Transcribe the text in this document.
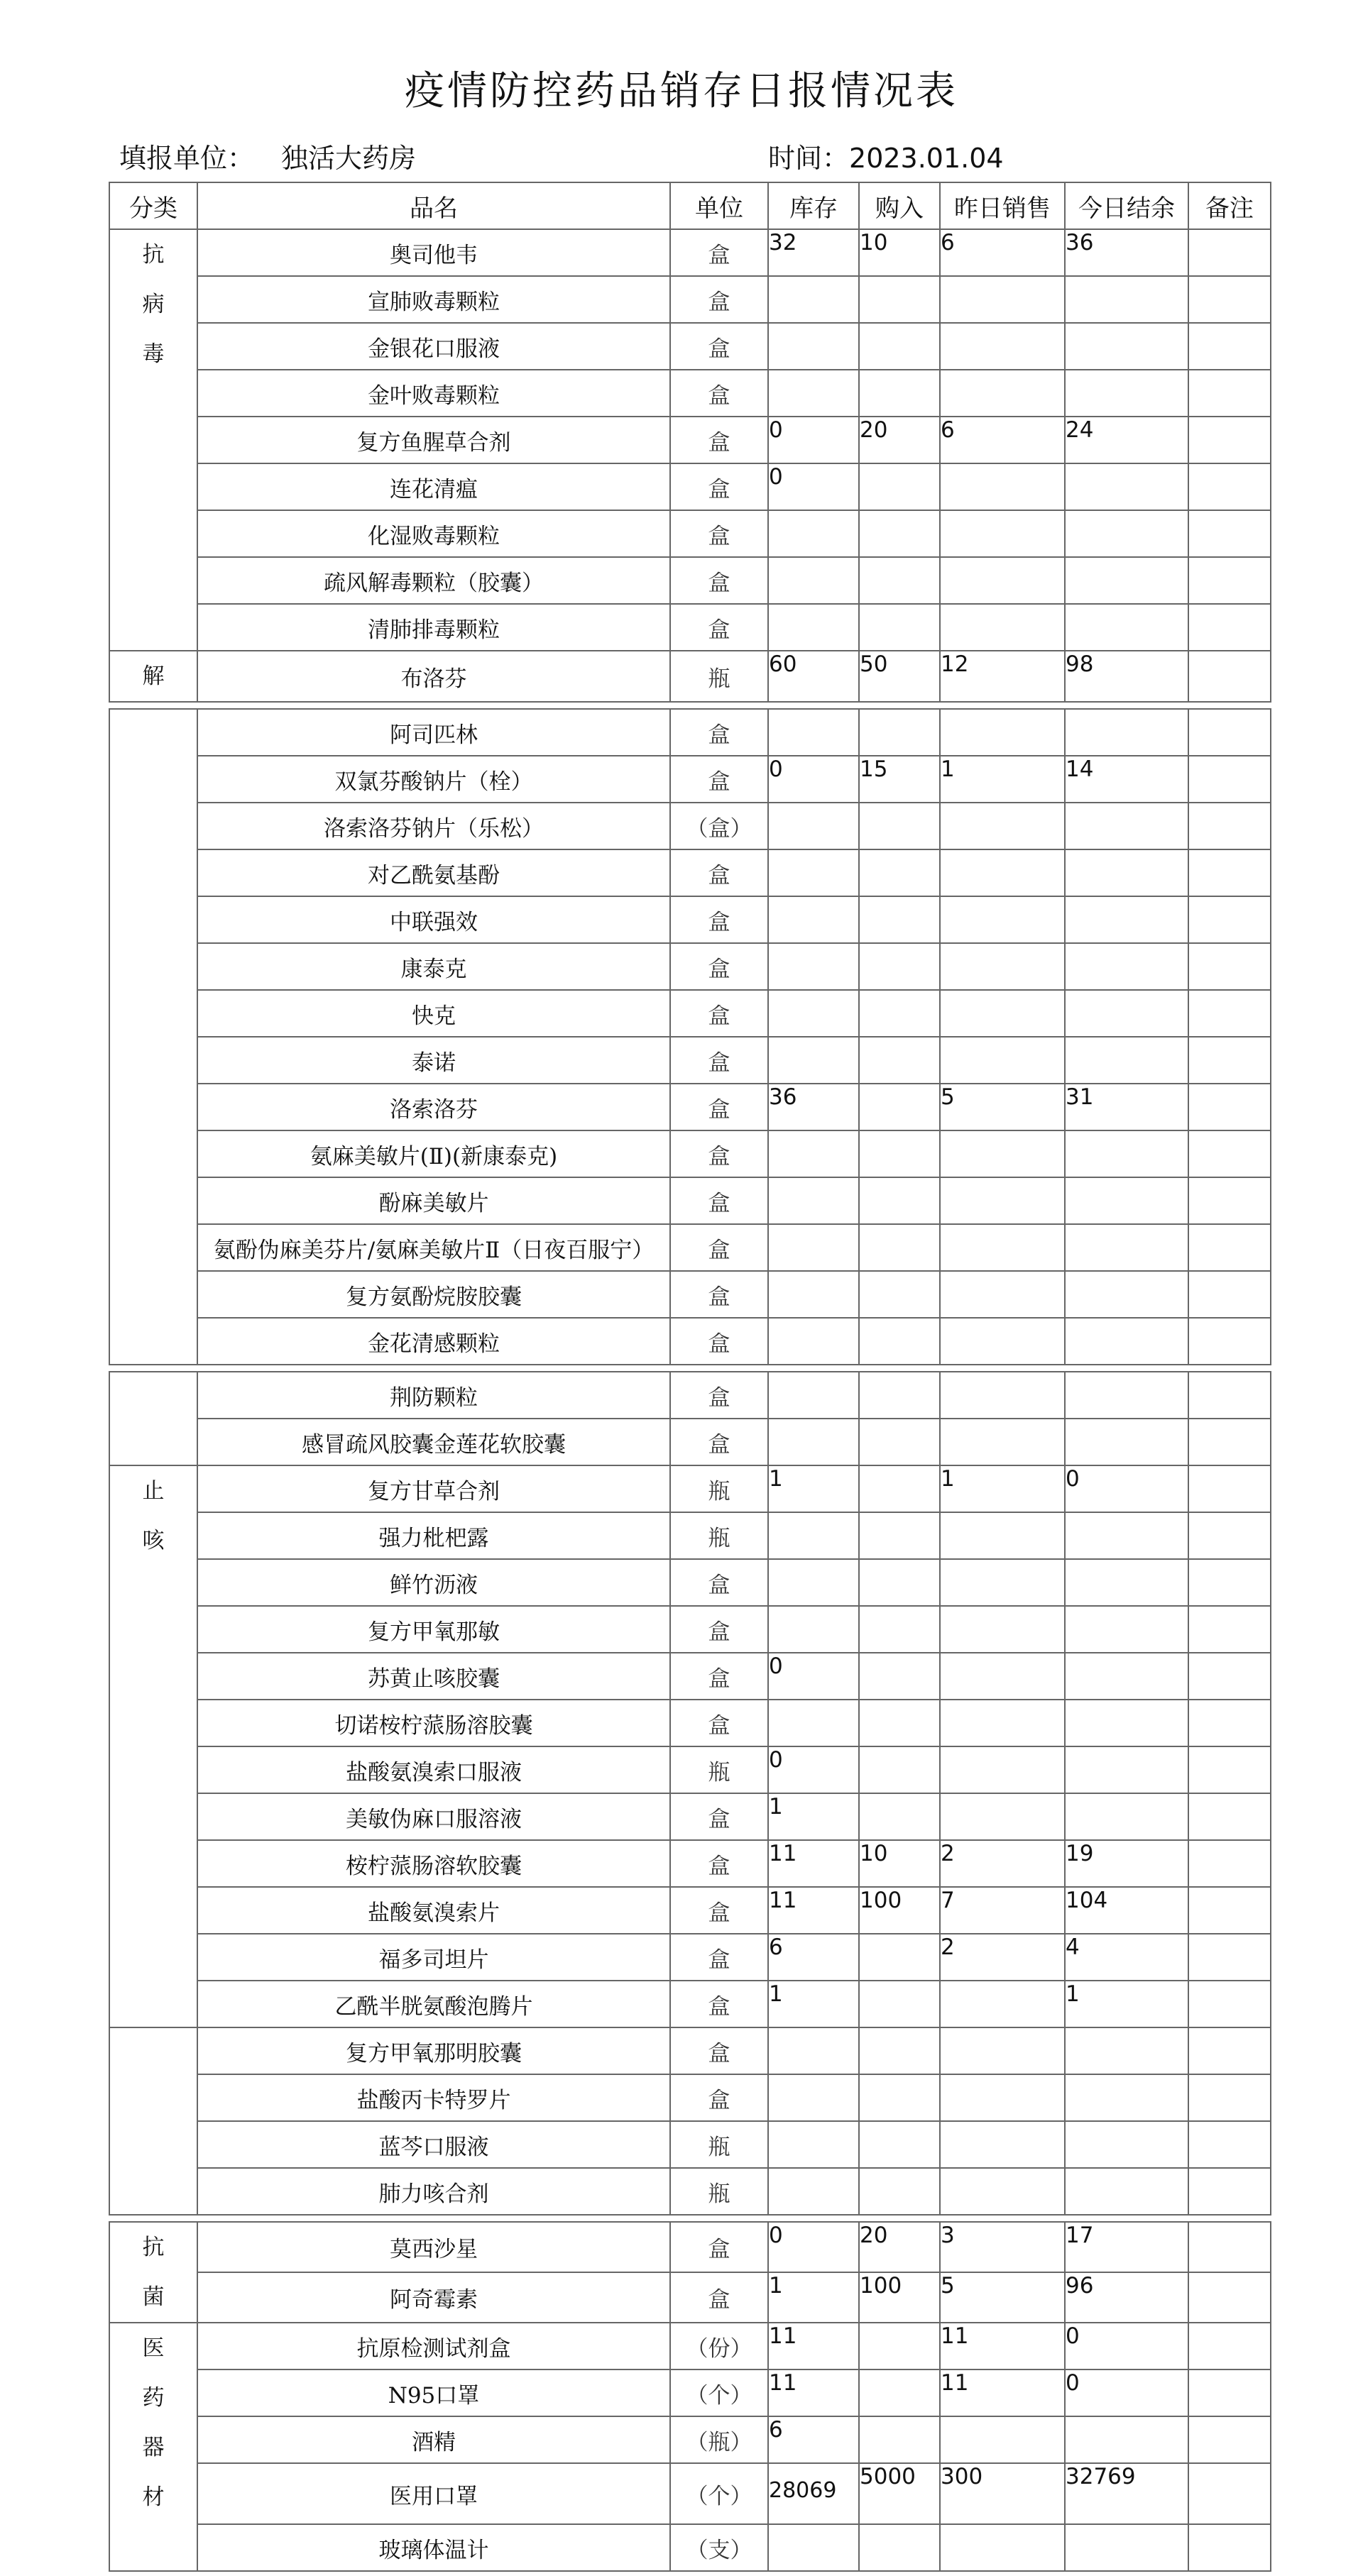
疫情防控药品销存日报情况表
填报单位： 独活大药房	时间：2023.01.04
分类	品名	单位	库存	购入	昨日销售	今日结余	备注

抗
病
毒	奥司他韦	盒	32	10	6	36	
	宣肺败毒颗粒	盒					
	金银花口服液	盒					
	金叶败毒颗粒	盒					
	复方鱼腥草合剂	盒	0	20	6	24	
	连花清瘟	盒	0				
	化湿败毒颗粒	盒					
	疏风解毒颗粒（胶囊）	盒					
	清肺排毒颗粒	盒					

解	布洛芬	瓶	60	50	12	98	

	阿司匹林	盒					
	双氯芬酸钠片（栓）	盒	0	15	1	14	
	洛索洛芬钠片（乐松）	（盒）					
	对乙酰氨基酚	盒					
	中联强效	盒					
	康泰克	盒					
	快克	盒					
	泰诺	盒					
	洛索洛芬	盒	36		5	31	
	氨麻美敏片(Ⅱ)(新康泰克)	盒					
	酚麻美敏片	盒					
	氨酚伪麻美芬片/氨麻美敏片Ⅱ（日夜百服宁）	盒					
	复方氨酚烷胺胶囊	盒					
	金花清感颗粒	盒					

	荆防颗粒	盒					
	感冒疏风胶囊金莲花软胶囊	盒					

止
咳	复方甘草合剂	瓶	1		1	0	
	强力枇杷露	瓶					
	鲜竹沥液	盒					
	复方甲氧那敏	盒					
	苏黄止咳胶囊	盒	0				
	切诺桉柠蒎肠溶胶囊	盒					
	盐酸氨溴索口服液	瓶	0				
	美敏伪麻口服溶液	盒	1				
	桉柠蒎肠溶软胶囊	盒	11	10	2	19	
	盐酸氨溴索片	盒	11	100	7	104	
	福多司坦片	盒	6		2	4	
	乙酰半胱氨酸泡腾片	盒	1			1	
	复方甲氧那明胶囊	盒					
	盐酸丙卡特罗片	盒					
	蓝芩口服液	瓶					
	肺力咳合剂	瓶					

抗
菌	莫西沙星	盒	0	20	3	17	
	阿奇霉素	盒	1	100	5	96	

医
药
器
材	抗原检测试剂盒	（份）	11		11	0	
	N95口罩	（个）	11		11	0	
	酒精	（瓶）	6				
	医用口罩	（个）	28069	5000	300	32769	
	玻璃体温计	（支）					
